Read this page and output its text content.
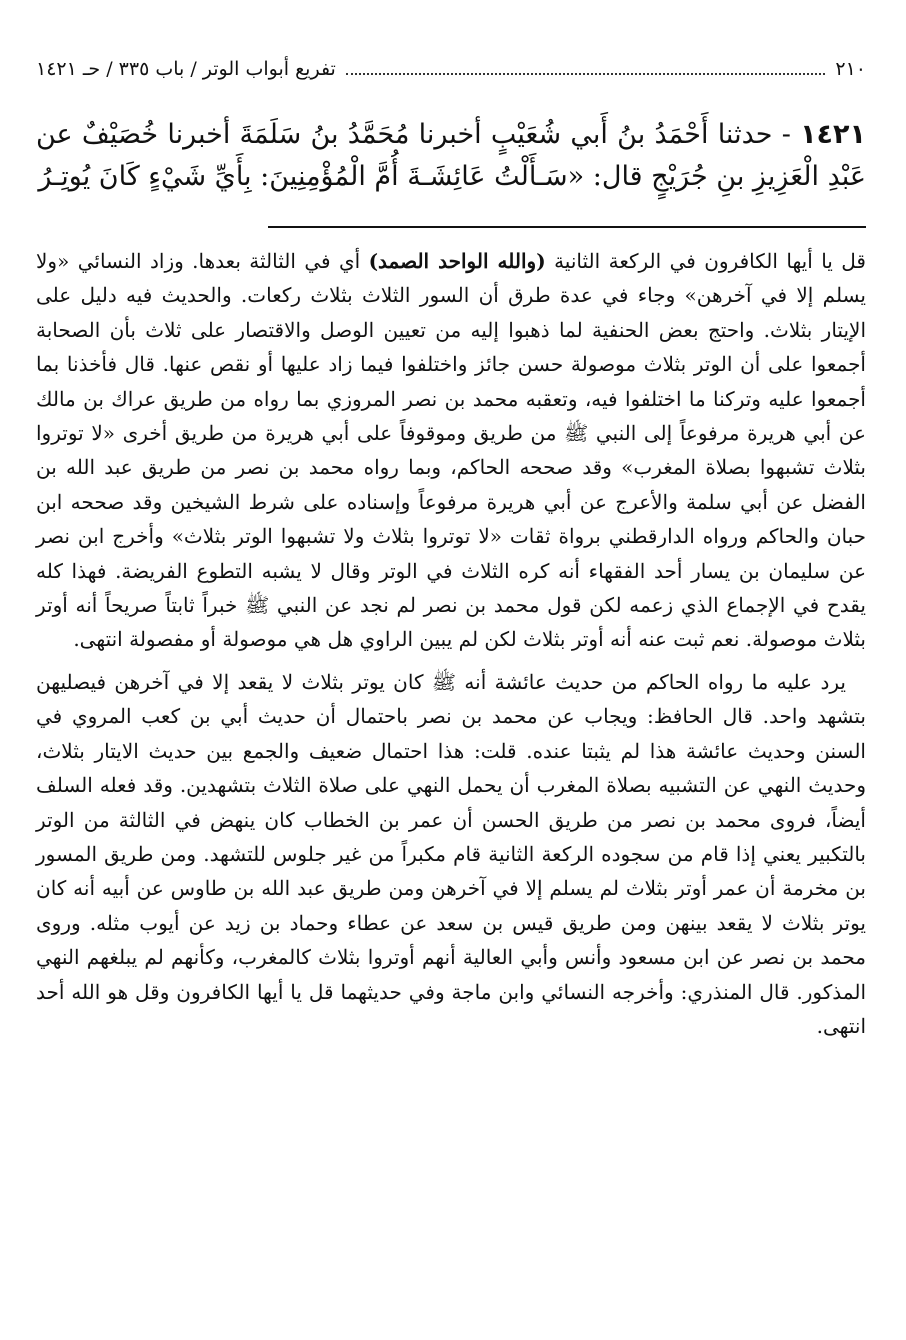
٢١٠
تفريع أبواب الوتر / باب ٣٣٥ / حـ ١٤٢١
١٤٢١ - حدثنا أَحْمَدُ بنُ أَبي شُعَيْبٍ أخبرنا مُحَمَّدُ بنُ سَلَمَةَ أخبرنا خُصَيْفٌ عن عَبْدِ الْعَزِيزِ بنِ جُرَيْجٍ قال: «سَـأَلْتُ عَائِشَـةَ أُمَّ الْمُؤْمِنِينَ: بِأَيِّ شَيْءٍ كَانَ يُوتِـرُ

قل يا أيها الكافرون في الركعة الثانية (والله الواحد الصمد) أي في الثالثة بعدها. وزاد النسائي «ولا يسلم إلا في آخرهن» وجاء في عدة طرق أن السور الثلاث بثلاث ركعات. والحديث فيه دليل على الإيتار بثلاث. واحتج بعض الحنفية لما ذهبوا إليه من تعيين الوصل والاقتصار على ثلاث بأن الصحابة أجمعوا على أن الوتر بثلاث موصولة حسن جائز واختلفوا فيما زاد عليها أو نقص عنها. قال فأخذنا بما أجمعوا عليه وتركنا ما اختلفوا فيه، وتعقبه محمد بن نصر المروزي بما رواه من طريق عراك بن مالك عن أبي هريرة مرفوعاً إلى النبي ﷺ من طريق وموقوفاً على أبي هريرة من طريق أخرى «لا توتروا بثلاث تشبهوا بصلاة المغرب» وقد صححه الحاكم، وبما رواه محمد بن نصر من طريق عبد الله بن الفضل عن أبي سلمة والأعرج عن أبي هريرة مرفوعاً وإسناده على شرط الشيخين وقد صححه ابن حبان والحاكم ورواه الدارقطني برواة ثقات «لا توتروا بثلاث ولا تشبهوا الوتر بثلاث» وأخرج ابن نصر عن سليمان بن يسار أحد الفقهاء أنه كره الثلاث في الوتر وقال لا يشبه التطوع الفريضة. فهذا كله يقدح في الإجماع الذي زعمه لكن قول محمد بن نصر لم نجد عن النبي ﷺ خبراً ثابتاً صريحاً أنه أوتر بثلاث موصولة. نعم ثبت عنه أنه أوتر بثلاث لكن لم يبين الراوي هل هي موصولة أو مفصولة انتهى.

يرد عليه ما رواه الحاكم من حديث عائشة أنه ﷺ كان يوتر بثلاث لا يقعد إلا في آخرهن فيصليهن بتشهد واحد. قال الحافظ: ويجاب عن محمد بن نصر باحتمال أن حديث أبي بن كعب المروي في السنن وحديث عائشة هذا لم يثبتا عنده. قلت: هذا احتمال ضعيف والجمع بين حديث الايتار بثلاث، وحديث النهي عن التشبيه بصلاة المغرب أن يحمل النهي على صلاة الثلاث بتشهدين. وقد فعله السلف أيضاً، فروى محمد بن نصر من طريق الحسن أن عمر بن الخطاب كان ينهض في الثالثة من الوتر بالتكبير يعني إذا قام من سجوده الركعة الثانية قام مكبراً من غير جلوس للتشهد. ومن طريق المسور بن مخرمة أن عمر أوتر بثلاث لم يسلم إلا في آخرهن ومن طريق عبد الله بن طاوس عن أبيه أنه كان يوتر بثلاث لا يقعد بينهن ومن طريق قيس بن سعد عن عطاء وحماد بن زيد عن أيوب مثله. وروى محمد بن نصر عن ابن مسعود وأنس وأبي العالية أنهم أوتروا بثلاث كالمغرب، وكأنهم لم يبلغهم النهي المذكور. قال المنذري: وأخرجه النسائي وابن ماجة وفي حديثهما قل يا أيها الكافرون وقل هو الله أحد انتهى.
